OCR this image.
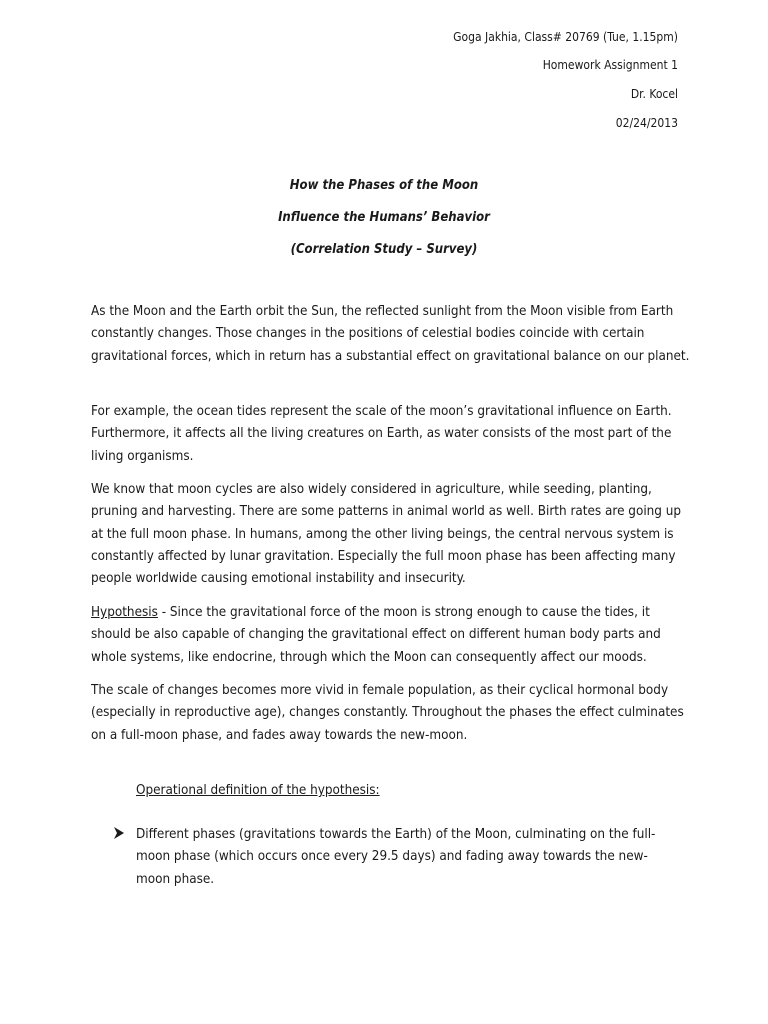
Goga Jakhia, Class# 20769 (Tue, 1.15pm)
Homework Assignment 1
Dr. Kocel
02/24/2013
How the Phases of the Moon
Influence the Humans’ Behavior
(Correlation Study – Survey)

As the Moon and the Earth orbit the Sun, the reflected sunlight from the Moon visible from Earth constantly changes. Those changes in the positions of celestial bodies coincide with certain gravitational forces, which in return has a substantial effect on gravitational balance on our planet.

For example, the ocean tides represent the scale of the moon’s gravitational influence on Earth. Furthermore, it affects all the living creatures on Earth, as water consists of the most part of the living organisms.

We know that moon cycles are also widely considered in agriculture, while seeding, planting, pruning and harvesting. There are some patterns in animal world as well. Birth rates are going up at the full moon phase. In humans, among the other living beings, the central nervous system is constantly affected by lunar gravitation. Especially the full moon phase has been affecting many people worldwide causing emotional instability and insecurity.

Hypothesis - Since the gravitational force of the moon is strong enough to cause the tides, it should be also capable of changing the gravitational effect on different human body parts and whole systems, like endocrine, through which the Moon can consequently affect our moods.

The scale of changes becomes more vivid in female population, as their cyclical hormonal body (especially in reproductive age), changes constantly. Throughout the phases the effect culminates on a full-moon phase, and fades away towards the new-moon.

Operational definition of the hypothesis:
Different phases (gravitations towards the Earth) of the Moon, culminating on the full-moon phase (which occurs once every 29.5 days) and fading away towards the new-moon phase.
